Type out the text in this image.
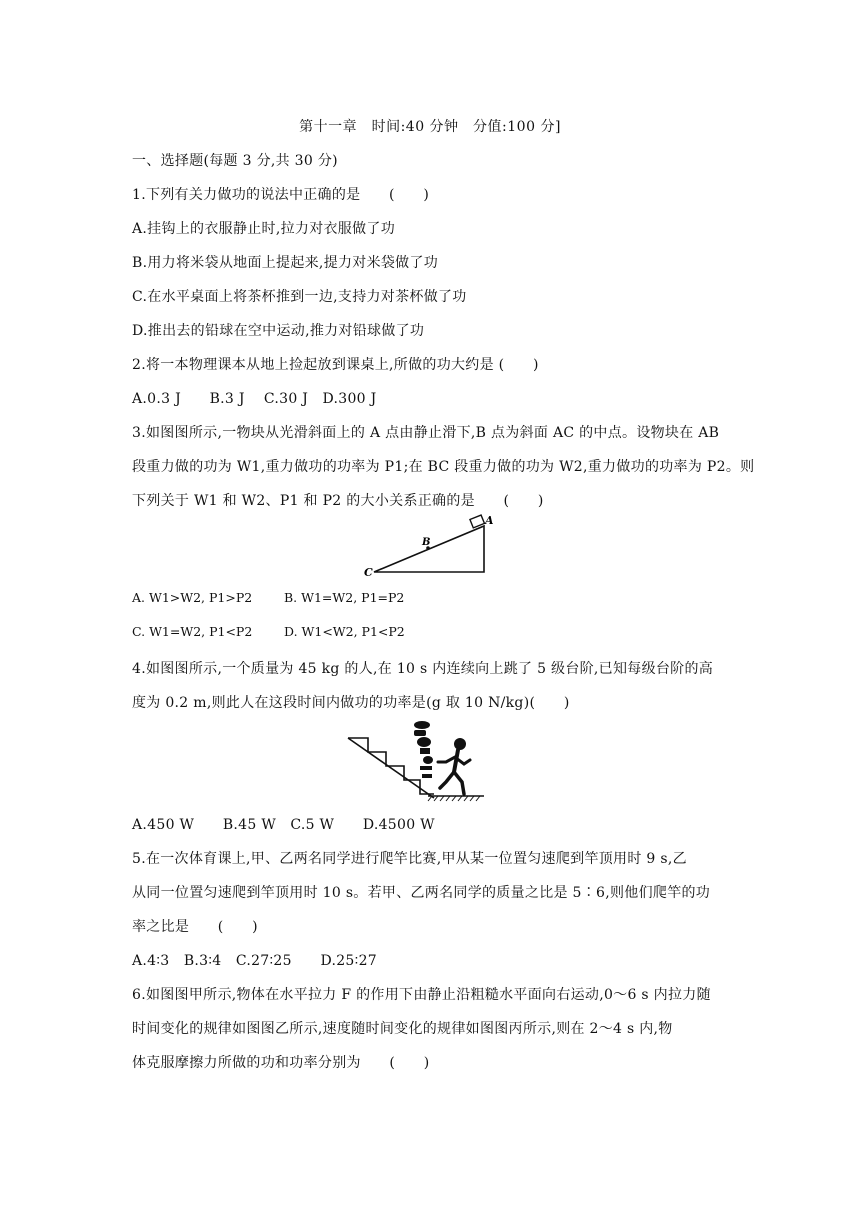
第十一章　时间:40 分钟　分值:100 分]
一、选择题(每题 3 分,共 30 分)
1.下列有关力做功的说法中正确的是　　(　　)
A.挂钩上的衣服静止时,拉力对衣服做了功
B.用力将米袋从地面上提起来,提力对米袋做了功
C.在水平桌面上将茶杯推到一边,支持力对茶杯做了功
D.推出去的铅球在空中运动,推力对铅球做了功
2.将一本物理课本从地上捡起放到课桌上,所做的功大约是 (　　)
A.0.3 J　　B.3 J　 C.30 J　D.300 J
3.如图图所示,一物块从光滑斜面上的 A 点由静止滑下,B 点为斜面 AC 的中点。设物块在 AB
段重力做的功为 W1,重力做功的功率为 P1;在 BC 段重力做的功为 W2,重力做功的功率为 P2。则
下列关于 W1 和 W2、P1 和 P2 的大小关系正确的是　　(　　)
A
B
C
A. W1>W2, P1>P2	B. W1=W2, P1=P2
C. W1=W2, P1<P2	D. W1<W2, P1<P2
4.如图图所示,一个质量为 45 kg 的人,在 10 s 内连续向上跳了 5 级台阶,已知每级台阶的高
度为 0.2 m,则此人在这段时间内做功的功率是(g 取 10 N/kg)(　　)
A.450 W　　B.45 W　C.5 W　　D.4500 W
5.在一次体育课上,甲、乙两名同学进行爬竿比赛,甲从某一位置匀速爬到竿顶用时 9 s,乙
从同一位置匀速爬到竿顶用时 10 s。若甲、乙两名同学的质量之比是 5∶6,则他们爬竿的功
率之比是　　(　　)
A.4∶3　B.3∶4　C.27∶25　　D.25∶27
6.如图图甲所示,物体在水平拉力 F 的作用下由静止沿粗糙水平面向右运动,0～6 s 内拉力随
时间变化的规律如图图乙所示,速度随时间变化的规律如图图丙所示,则在 2～4 s 内,物
体克服摩擦力所做的功和功率分别为　　(　　)
